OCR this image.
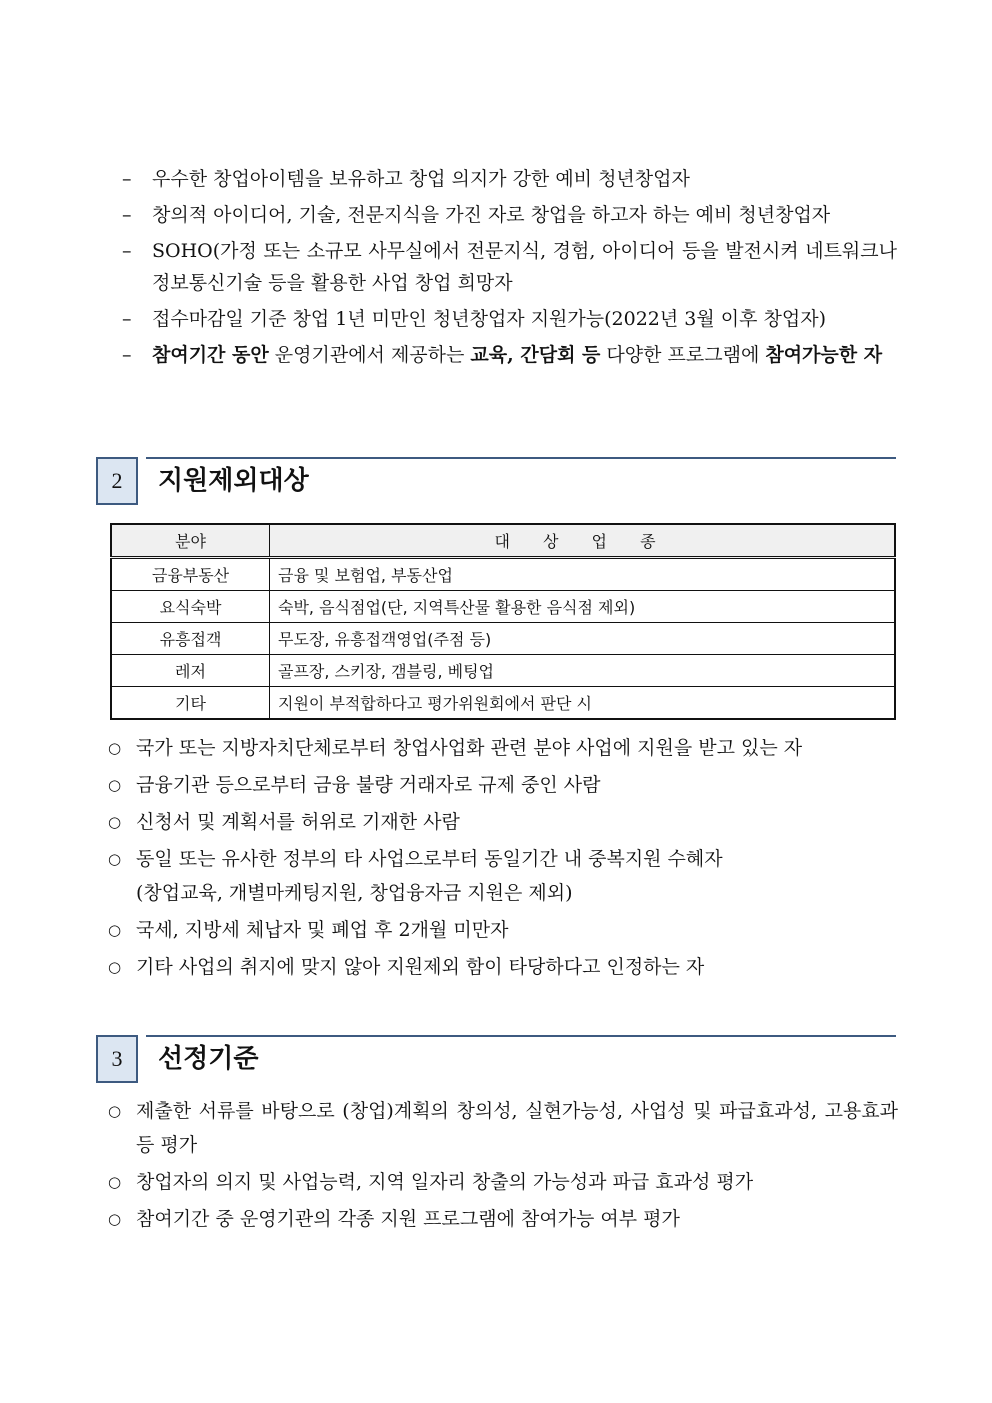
–	우수한 창업아이템을 보유하고 창업 의지가 강한 예비 청년창업자
–	창의적 아이디어, 기술, 전문지식을 가진 자로 창업을 하고자 하는 예비 청년창업자
–	SOHO(가정 또는 소규모 사무실에서 전문지식, 경험, 아이디어 등을 발전시켜 네트워크나 정보통신기술 등을 활용한 사업 창업 희망자
–	접수마감일 기준 창업 1년 미만인 청년창업자 지원가능(2022년 3월 이후 창업자)
–	참여기간 동안 운영기관에서 제공하는 교육, 간담회 등 다양한 프로그램에 참여가능한 자
2	지원제외대상
분야	대 상 업 종
금융부동산	금융 및 보험업, 부동산업
요식숙박	숙박, 음식점업(단, 지역특산물 활용한 음식점 제외)
유흥접객	무도장, 유흥접객영업(주점 등)
레저	골프장, 스키장, 갬블링, 베팅업
기타	지원이 부적합하다고 평가위원회에서 판단 시
○ 국가 또는 지방자치단체로부터 창업사업화 관련 분야 사업에 지원을 받고 있는 자
○ 금융기관 등으로부터 금융 불량 거래자로 규제 중인 사람
○ 신청서 및 계획서를 허위로 기재한 사람
○ 동일 또는 유사한 정부의 타 사업으로부터 동일기간 내 중복지원 수혜자
(창업교육, 개별마케팅지원, 창업융자금 지원은 제외)
○ 국세, 지방세 체납자 및 폐업 후 2개월 미만자
○ 기타 사업의 취지에 맞지 않아 지원제외 함이 타당하다고 인정하는 자
3	선정기준
○ 제출한 서류를 바탕으로 (창업)계획의 창의성, 실현가능성, 사업성 및 파급효과성, 고용효과 등 평가
○ 창업자의 의지 및 사업능력, 지역 일자리 창출의 가능성과 파급 효과성 평가
○ 참여기간 중 운영기관의 각종 지원 프로그램에 참여가능 여부 평가
